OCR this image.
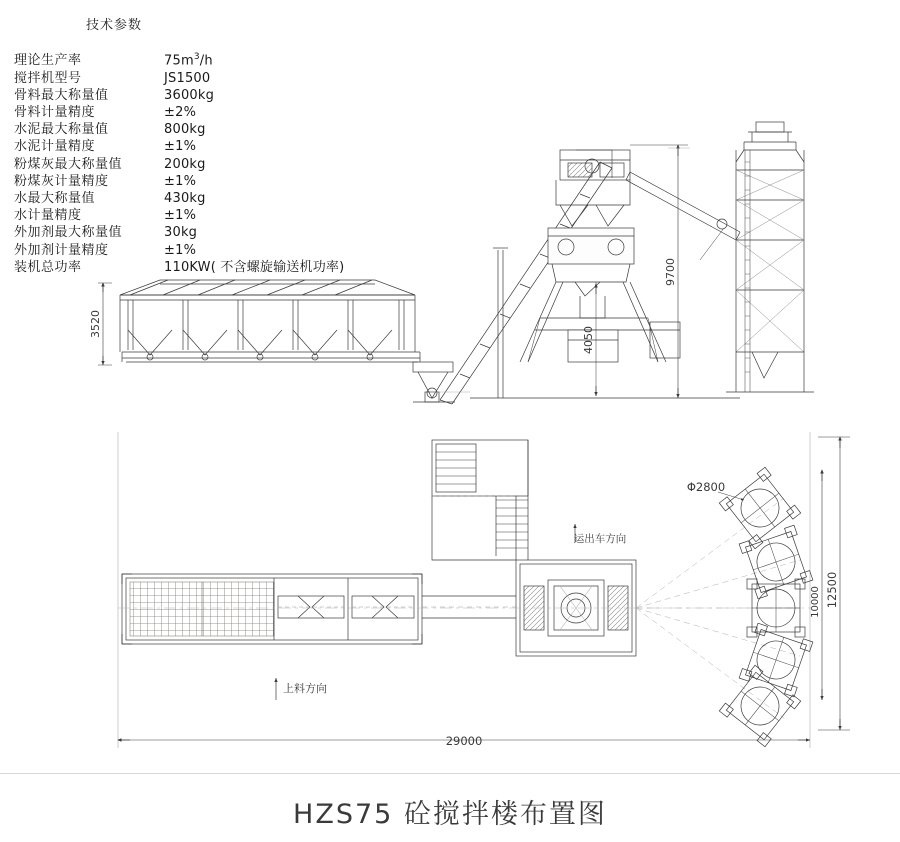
技术参数
理论生产率	$75m^3/h$
搅拌机型号	JS1500
骨料最大称量值	3600kg
骨料计量精度	±2%
水泥最大称量值	800kg
水泥计量精度	±1%
粉煤灰最大称量值	200kg
粉煤灰计量精度	±1%
水最大称量值	430kg
水计量精度	±1%
外加剂最大称量值	30kg
外加剂计量精度	±1%
装机总功率	110KW( 不含螺旋输送机功率)
3520
4050
9700
29000
12500
10000
Φ2800
运出车方向
上料方向
HZS75 砼搅拌楼布置图
